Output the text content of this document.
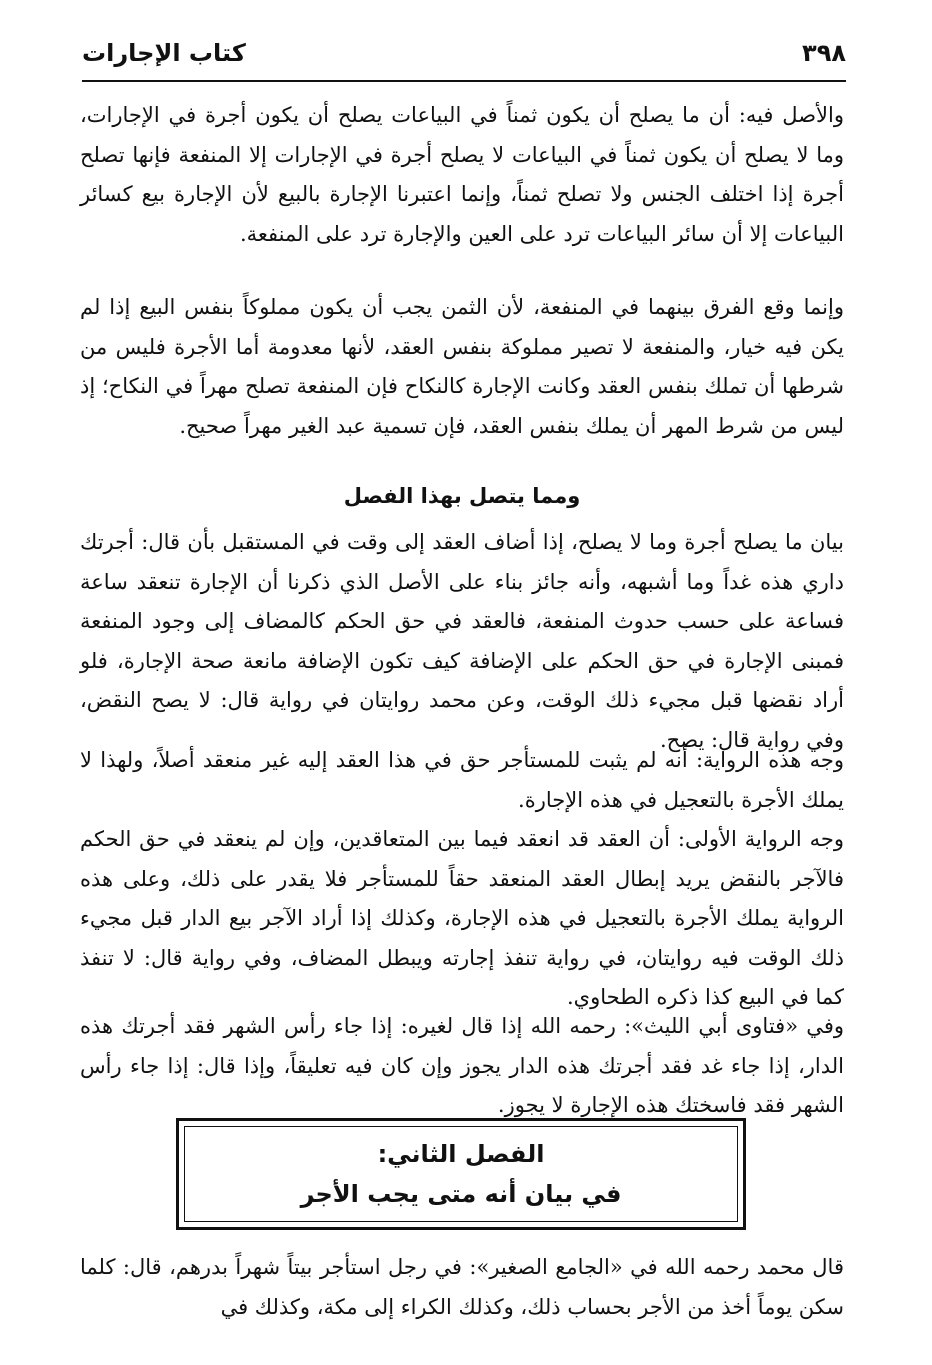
٣٩٨
كتاب الإجارات

والأصل فيه: أن ما يصلح أن يكون ثمناً في البياعات يصلح أن يكون أجرة في الإجارات، وما لا يصلح أن يكون ثمناً في البياعات لا يصلح أجرة في الإجارات إلا المنفعة فإنها تصلح أجرة إذا اختلف الجنس ولا تصلح ثمناً، وإنما اعتبرنا الإجارة بالبيع لأن الإجارة بيع كسائر البياعات إلا أن سائر البياعات ترد على العين والإجارة ترد على المنفعة.

وإنما وقع الفرق بينهما في المنفعة، لأن الثمن يجب أن يكون مملوكاً بنفس البيع إذا لم يكن فيه خيار، والمنفعة لا تصير مملوكة بنفس العقد، لأنها معدومة أما الأجرة فليس من شرطها أن تملك بنفس العقد وكانت الإجارة كالنكاح فإن المنفعة تصلح مهراً في النكاح؛ إذ ليس من شرط المهر أن يملك بنفس العقد، فإن تسمية عبد الغير مهراً صحيح.

ومما يتصل بهذا الفصل

بيان ما يصلح أجرة وما لا يصلح، إذا أضاف العقد إلى وقت في المستقبل بأن قال: أجرتك داري هذه غداً وما أشبهه، وأنه جائز بناء على الأصل الذي ذكرنا أن الإجارة تنعقد ساعة فساعة على حسب حدوث المنفعة، فالعقد في حق الحكم كالمضاف إلى وجود المنفعة فمبنى الإجارة في حق الحكم على الإضافة كيف تكون الإضافة مانعة صحة الإجارة، فلو أراد نقضها قبل مجيء ذلك الوقت، وعن محمد روايتان في رواية قال: لا يصح النقض، وفي رواية قال: يصح.

وجه هذه الرواية: أنه لم يثبت للمستأجر حق في هذا العقد إليه غير منعقد أصلاً، ولهذا لا يملك الأجرة بالتعجيل في هذه الإجارة.

وجه الرواية الأولى: أن العقد قد انعقد فيما بين المتعاقدين، وإن لم ينعقد في حق الحكم فالآجر بالنقض يريد إبطال العقد المنعقد حقاً للمستأجر فلا يقدر على ذلك، وعلى هذه الرواية يملك الأجرة بالتعجيل في هذه الإجارة، وكذلك إذا أراد الآجر بيع الدار قبل مجيء ذلك الوقت فيه روايتان، في رواية تنفذ إجارته ويبطل المضاف، وفي رواية قال: لا تنفذ كما في البيع كذا ذكره الطحاوي.

وفي «فتاوى أبي الليث»: رحمه الله إذا قال لغيره: إذا جاء رأس الشهر فقد أجرتك هذه الدار، إذا جاء غد فقد أجرتك هذه الدار يجوز وإن كان فيه تعليقاً، وإذا قال: إذا جاء رأس الشهر فقد فاسختك هذه الإجارة لا يجوز.

الفصل الثاني:
في بيان أنه متى يجب الأجر

قال محمد رحمه الله في «الجامع الصغير»: في رجل استأجر بيتاً شهراً بدرهم، قال: كلما سكن يوماً أخذ من الأجر بحساب ذلك، وكذلك الكراء إلى مكة، وكذلك في
